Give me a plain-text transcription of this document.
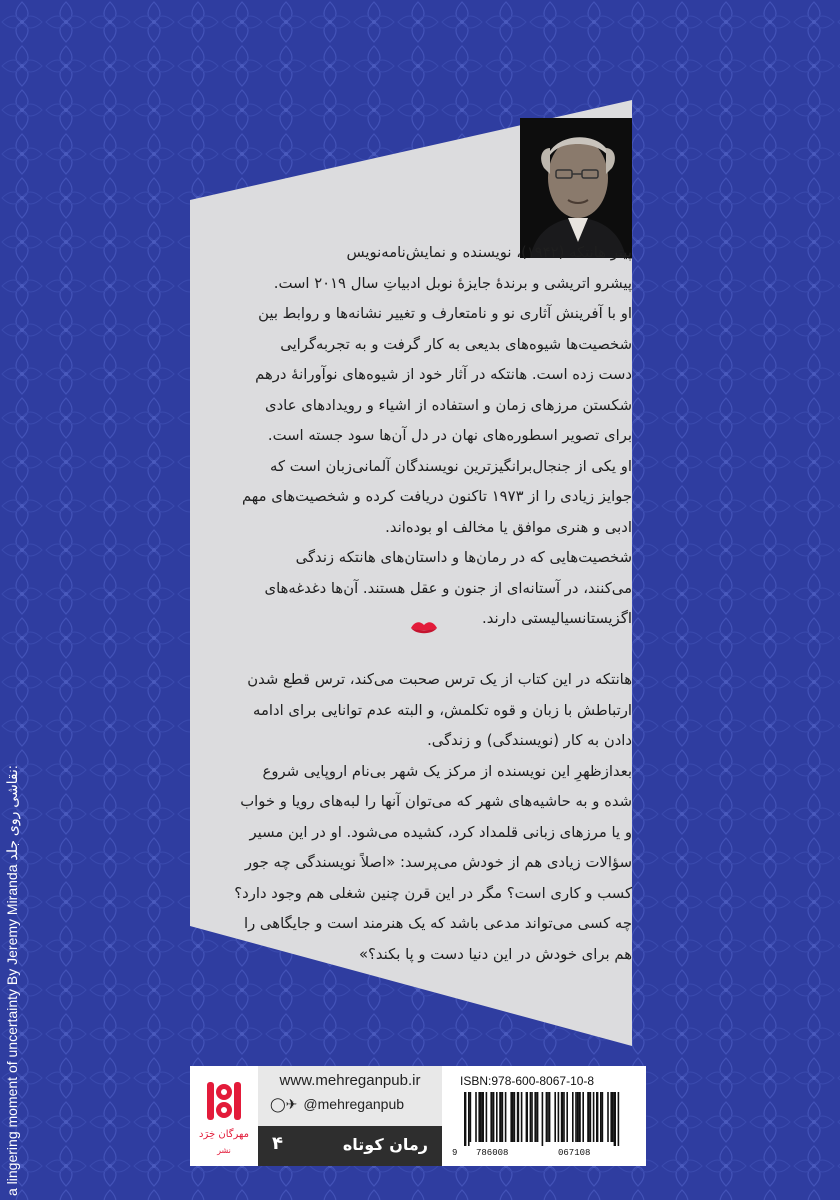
پیتر هانتکه (۱۹۴۲)، نویسنده و نمایش‌نامه‌نویس
پیشرو اتریشی و برندهٔ جایزهٔ نوبل ادبیاتِ سال ۲۰۱۹ است.
او با آفرینش آثاری نو و نامتعارف و تغییر نشانه‌ها و روابط بین
شخصیت‌ها شیوه‌های بدیعی به کار گرفت و به تجربه‌گرایی
دست زده است. هانتکه در آثار خود از شیوه‌های نوآورانهٔ درهم
شکستن مرزهای زمان و استفاده از اشیاء و رویدادهای عادی
برای تصویر اسطوره‌های نهان در دل آن‌ها سود جسته است.
او یکی از جنجال‌برانگیزترین نویسندگان آلمانی‌زبان است که
جوایز زیادی را از ۱۹۷۳ تاکنون دریافت کرده و شخصیت‌های مهم
ادبی و هنری موافق یا مخالف او بوده‌اند.
شخصیت‌هایی که در رمان‌ها و داستان‌های هانتکه زندگی
می‌کنند، در آستانه‌ای از جنون و عقل هستند. آن‌ها دغدغه‌های
اگزیستانسیالیستی دارند.
هانتکه در این کتاب از یک ترس صحبت می‌کند، ترس قطع شدن
ارتباطش با زبان و قوه تکلمش، و البته عدم توانایی برای ادامه
دادن به کار (نویسندگی) و زندگی.
بعدازظهرِ این نویسنده از مرکز یک شهر بی‌نام اروپایی شروع
شده و به حاشیه‌های شهر که می‌توان آنها را لبه‌های رویا و خواب
و یا مرزهای زبانی قلمداد کرد، کشیده می‌شود. او در این مسیر
سؤالات زیادی هم از خودش می‌پرسد: «اصلاً نویسندگی چه جور
کسب و کاری است؟ مگر در این قرن چنین شغلی هم وجود دارد؟
چه کسی می‌تواند مدعی باشد که یک هنرمند است و جایگاهی را
هم برای خودش در این دنیا دست و پا بکند؟»
a lingering moment of uncertainty By Jeremy Miranda نقاشی روی جلد:
مهرگان خِرَد
نشر
www.mehreganpub.ir
◯✈ @mehreganpub
رمان کوتاه
۴
ISBN:978-600-8067-10-8
9 786008	067108
